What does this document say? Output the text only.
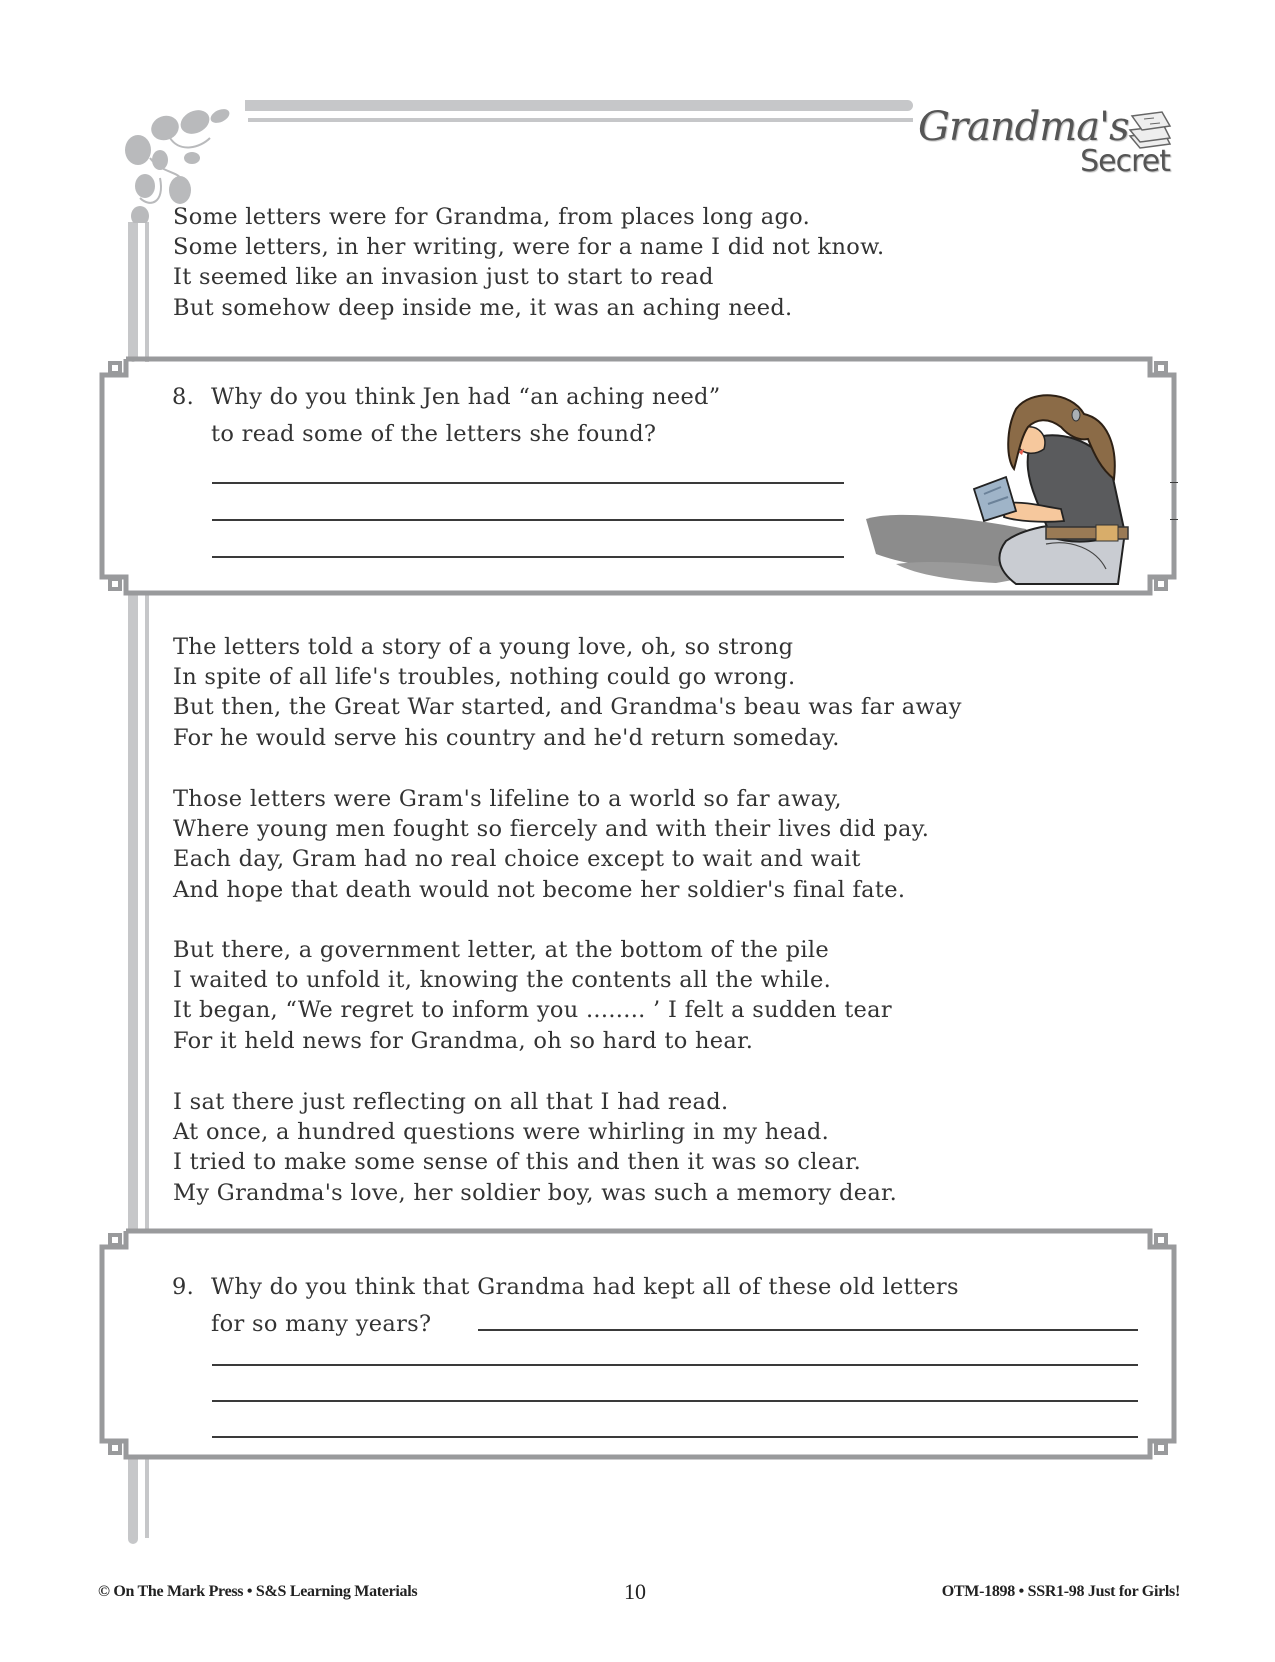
Grandma's
Secret
Some letters were for Grandma, from places long ago.
Some letters, in her writing, were for a name I did not know.
It seemed like an invasion just to start to read
But somehow deep inside me, it was an aching need.
8. Why do you think Jen had “an aching need”
to read some of the letters she found?
The letters told a story of a young love, oh, so strong
In spite of all life's troubles, nothing could go wrong.
But then, the Great War started, and Grandma's beau was far away
For he would serve his country and he'd return someday.
Those letters were Gram's lifeline to a world so far away,
Where young men fought so fiercely and with their lives did pay.
Each day, Gram had no real choice except to wait and wait
And hope that death would not become her soldier's final fate.
But there, a government letter, at the bottom of the pile
I waited to unfold it, knowing the contents all the while.
It began, “We regret to inform you ........ ’ I felt a sudden tear
For it held news for Grandma, oh so hard to hear.
I sat there just reflecting on all that I had read.
At once, a hundred questions were whirling in my head.
I tried to make some sense of this and then it was so clear.
My Grandma's love, her soldier boy, was such a memory dear.
9. Why do you think that Grandma had kept all of these old letters
for so many years?
© On The Mark Press • S&S Learning Materials	10	OTM-1898 • SSR1-98 Just for Girls!
